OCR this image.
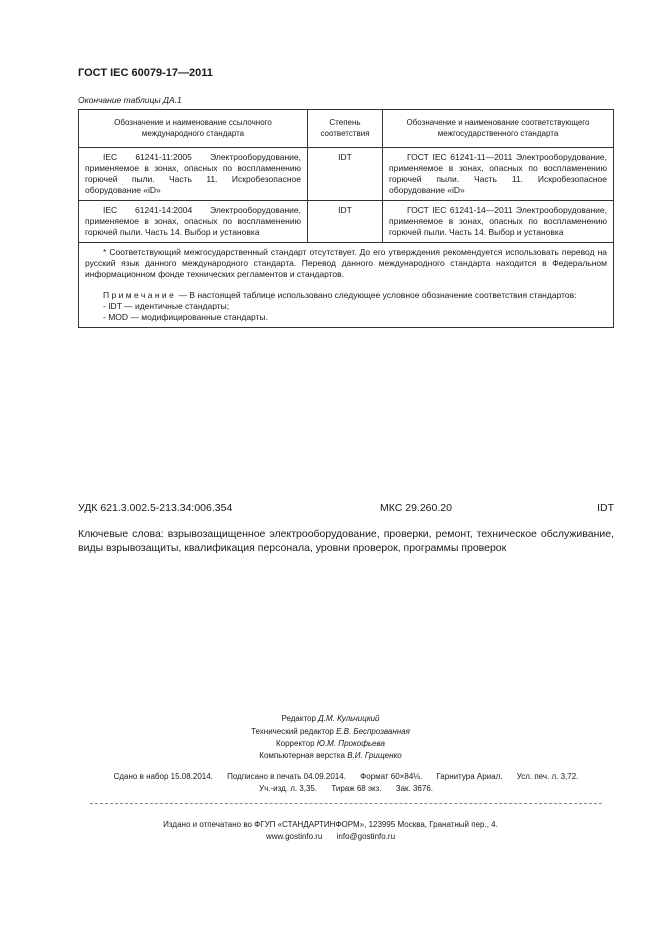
ГОСТ IEC 60079-17—2011
Окончание таблицы ДА.1
Обозначение и наименование ссылочного международного стандарта	Степень соответствия	Обозначение и наименование соответствующего межгосударственного стандарта
IEC 61241-11:2005 Электрооборудование, применяемое в зонах, опасных по воспламенению горючей пыли. Часть 11. Искробезопасное оборудование «iD»	IDT	ГОСТ IEC 61241-11—2011 Электрооборудование, применяемое в зонах, опасных по воспламенению горючей пыли. Часть 11. Искробезопасное оборудование «iD»
IEC 61241-14:2004 Электрооборудование, применяемое в зонах, опасных по воспламенению горючей пыли. Часть 14. Выбор и установка	IDT	ГОСТ IEC 61241-14—2011 Электрооборудование, применяемое в зонах, опасных по воспламенению горючей пыли. Часть 14. Выбор и установка

* Соответствующий межгосударственный стандарт отсутствует. До его утверждения рекомендуется использовать перевод на русский язык данного международного стандарта. Перевод данного международного стандарта находится в Федеральном информационном фонде технических регламентов и стандартов.

Примечание — В настоящей таблице использовано следующее условное обозначение соответствия стандартов:

- IDT — идентичные стандарты;

- MOD — модифицированные стандарты.		

УДК 621.3.002.5-213.34:006.354	МКС 29.260.20	IDT
Ключевые слова: взрывозащищенное электрооборудование, проверки, ремонт, техническое обслуживание, виды взрывозащиты, квалификация персонала, уровни проверок, программы проверок
Редактор Д.М. Кульчицкий
Технический редактор Е.В. Беспрозванная
Корректор Ю.М. Прокофьева
Компьютерная верстка В.И. Грищенко
Сдано в набор 15.08.2014. Подписано в печать 04.09.2014. Формат 60×84⅛. Гарнитура Ариал. Усл. печ. л. 3,72.
Уч.-изд. л. 3,35. Тираж 68 экз. Зак. 3676.
Издано и отпечатано во ФГУП «СТАНДАРТИНФОРМ», 123995 Москва, Гранатный пер., 4.
www.gostinfo.ru info@gostinfo.ru
